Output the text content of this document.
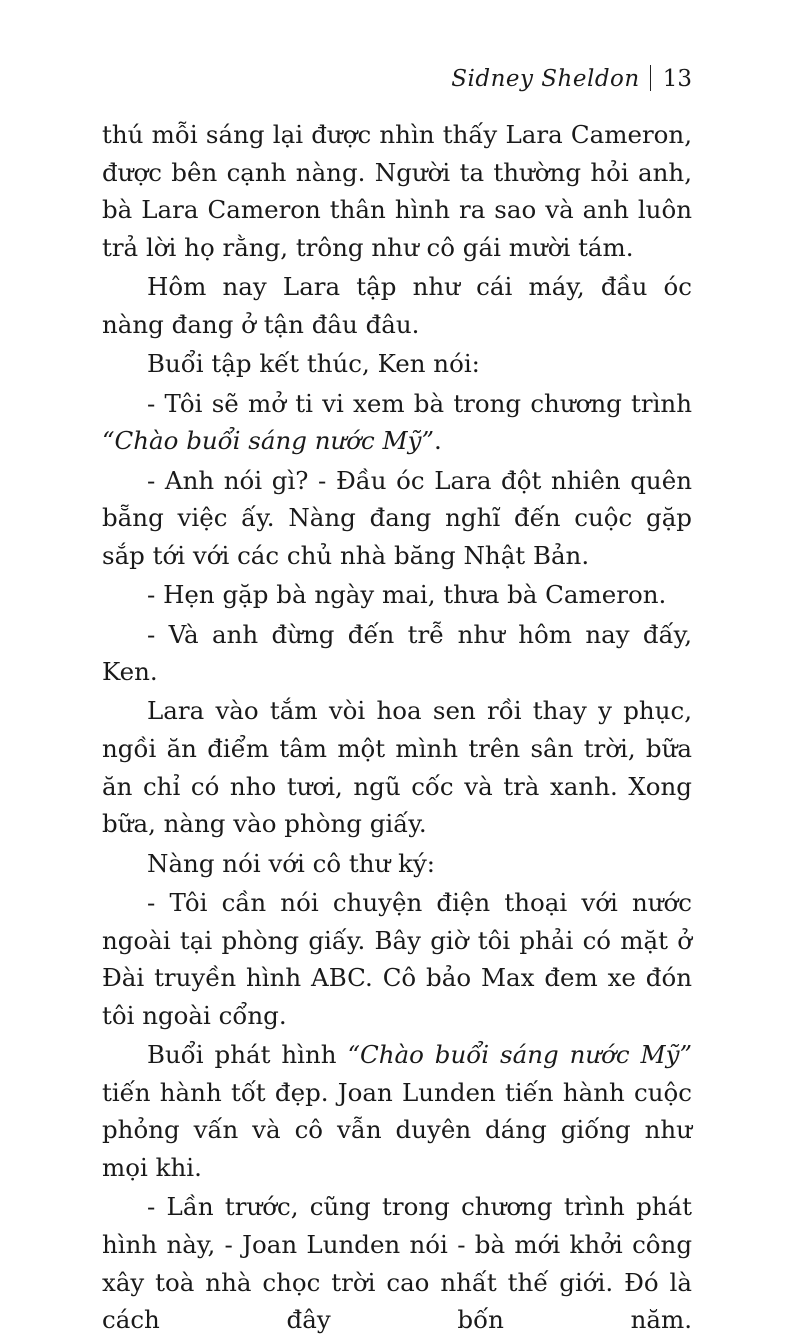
Sidney Sheldon 13

thú mỗi sáng lại được nhìn thấy Lara Cameron, được bên cạnh nàng. Người ta thường hỏi anh, bà Lara Cameron thân hình ra sao và anh luôn trả lời họ rằng, trông như cô gái mười tám.

Hôm nay Lara tập như cái máy, đầu óc nàng đang ở tận đâu đâu.

Buổi tập kết thúc, Ken nói:

- Tôi sẽ mở ti vi xem bà trong chương trình “Chào buổi sáng nước Mỹ”.

- Anh nói gì? - Đầu óc Lara đột nhiên quên bẵng việc ấy. Nàng đang nghĩ đến cuộc gặp sắp tới với các chủ nhà băng Nhật Bản.

- Hẹn gặp bà ngày mai, thưa bà Cameron.

- Và anh đừng đến trễ như hôm nay đấy, Ken.

Lara vào tắm vòi hoa sen rồi thay y phục, ngồi ăn điểm tâm một mình trên sân trời, bữa ăn chỉ có nho tươi, ngũ cốc và trà xanh. Xong bữa, nàng vào phòng giấy.

Nàng nói với cô thư ký:

- Tôi cần nói chuyện điện thoại với nước ngoài tại phòng giấy. Bây giờ tôi phải có mặt ở Đài truyền hình ABC. Cô bảo Max đem xe đón tôi ngoài cổng.

Buổi phát hình “Chào buổi sáng nước Mỹ” tiến hành tốt đẹp. Joan Lunden tiến hành cuộc phỏng vấn và cô vẫn duyên dáng giống như mọi khi.

- Lần trước, cũng trong chương trình phát hình này, - Joan Lunden nói - bà mới khởi công xây toà nhà chọc trời cao nhất thế giới. Đó là cách đây bốn năm.
